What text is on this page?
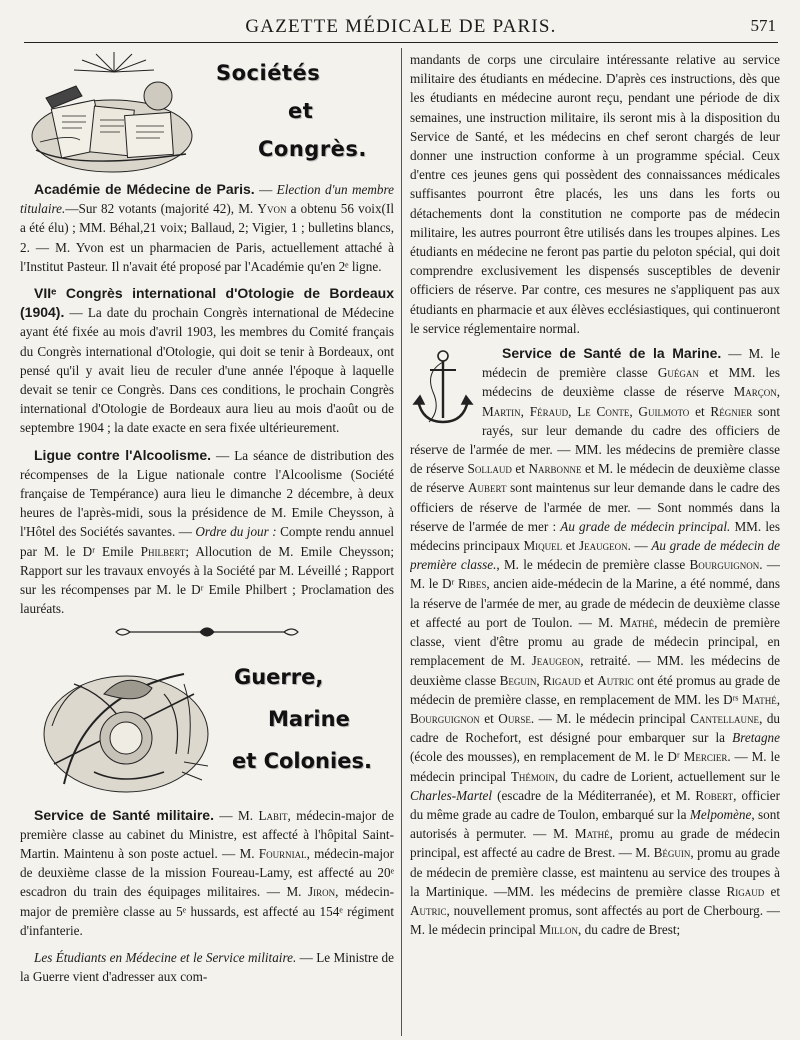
GAZETTE MÉDICALE DE PARIS.	571
Sociétés
et
Congrès.

Académie de Médecine de Paris. — Election d'un membre titulaire.—Sur 82 votants (majorité 42), M. Yvon a obtenu 56 voix(Il a été élu) ; MM. Béhal,21 voix; Ballaud, 2; Vigier, 1 ; bulletins blancs, 2. — M. Yvon est un pharmacien de Paris, actuellement attaché à l'Institut Pasteur. Il n'avait été proposé par l'Académie qu'en 2ᵉ ligne.

VIIᵉ Congrès international d'Otologie de Bordeaux (1904). — La date du prochain Congrès international de Médecine ayant été fixée au mois d'avril 1903, les membres du Comité français du Congrès international d'Otologie, qui doit se tenir à Bordeaux, ont pensé qu'il y avait lieu de reculer d'une année l'époque à laquelle devait se tenir ce Congrès. Dans ces conditions, le prochain Congrès international d'Otologie de Bordeaux aura lieu au mois d'août ou de septembre 1904 ; la date exacte en sera fixée ultérieurement.

Ligue contre l'Alcoolisme. — La séance de distribution des récompenses de la Ligue nationale contre l'Alcoolisme (Société française de Tempérance) aura lieu le dimanche 2 décembre, à deux heures de l'après-midi, sous la présidence de M. Emile Cheysson, à l'Hôtel des Sociétés savantes. — Ordre du jour : Compte rendu annuel par M. le Dʳ Emile Philbert; Allocution de M. Emile Cheysson; Rapport sur les travaux envoyés à la Société par M. Léveillé ; Rapport sur les récompenses par M. le Dʳ Emile Philbert ; Proclamation des lauréats.

Guerre,
Marine
et Colonies.

Service de Santé militaire. — M. Labit, médecin-major de première classe au cabinet du Ministre, est affecté à l'hôpital Saint-Martin. Maintenu à son poste actuel. — M. Fournial, médecin-major de deuxième classe de la mission Foureau-Lamy, est affecté au 20ᵉ escadron du train des équipages militaires. — M. Jiron, médecin-major de première classe au 5ᵉ hussards, est affecté au 154ᵉ régiment d'infanterie.

Les Étudiants en Médecine et le Service militaire. — Le Ministre de la Guerre vient d'adresser aux com-

mandants de corps une circulaire intéressante relative au service militaire des étudiants en médecine. D'après ces instructions, dès que les étudiants en médecine auront reçu, pendant une période de dix semaines, une instruction militaire, ils seront mis à la disposition du Service de Santé, et les médecins en chef seront chargés de leur donner une instruction conforme à un programme spécial. Ceux d'entre ces jeunes gens qui possèdent des connaissances médicales suffisantes pourront être placés, les uns dans les forts ou détachements dont la constitution ne comporte pas de médecin militaire, les autres pourront être utilisés dans les troupes alpines. Les étudiants en médecine ne feront pas partie du peloton spécial, qui doit comprendre exclusivement les dispensés susceptibles de devenir officiers de réserve. Par contre, ces mesures ne s'appliquent pas aux étudiants en pharmacie et aux élèves ecclésiastiques, qui continueront le service réglementaire normal.

Service de Santé de la Marine. — M. le médecin de première classe Guégan et MM. les médecins de deuxième classe de réserve Marçon, Martin, Féraud, Le Conte, Guilmoto et Régnier sont rayés, sur leur demande du cadre des officiers de réserve de l'armée de mer. — MM. les médecins de première classe de réserve Sollaud et Narbonne et M. le médecin de deuxième classe de réserve Aubert sont maintenus sur leur demande dans le cadre des officiers de réserve de l'armée de mer. — Sont nommés dans la réserve de l'armée de mer : Au grade de médecin principal. MM. les médecins principaux Miquel et Jeaugeon. — Au grade de médecin de première classe., M. le médecin de première classe Bourguignon. — M. le Dʳ Ribes, ancien aide-médecin de la Marine, a été nommé, dans la réserve de l'armée de mer, au grade de médecin de deuxième classe et affecté au port de Toulon. — M. Mathé, médecin de première classe, vient d'être promu au grade de médecin principal, en remplacement de M. Jeaugeon, retraité. — MM. les médecins de deuxième classe Beguin, Rigaud et Autric ont été promus au grade de médecin de première classe, en remplacement de MM. les Dʳˢ Mathé, Bourguignon et Ourse. — M. le médecin principal Cantellaune, du cadre de Rochefort, est désigné pour embarquer sur la Bretagne (école des mousses), en remplacement de M. le Dʳ Mercier. — M. le médecin principal Thémoin, du cadre de Lorient, actuellement sur le Charles-Martel (escadre de la Méditerranée), et M. Robert, officier du même grade au cadre de Toulon, embarqué sur la Melpomène, sont autorisés à permuter. — M. Mathé, promu au grade de médecin principal, est affecté au cadre de Brest. — M. Béguin, promu au grade de médecin de première classe, est maintenu au service des troupes à la Martinique. —MM. les médecins de première classe Rigaud et Autric, nouvellement promus, sont affectés au port de Cherbourg. — M. le médecin principal Millon, du cadre de Brest;
